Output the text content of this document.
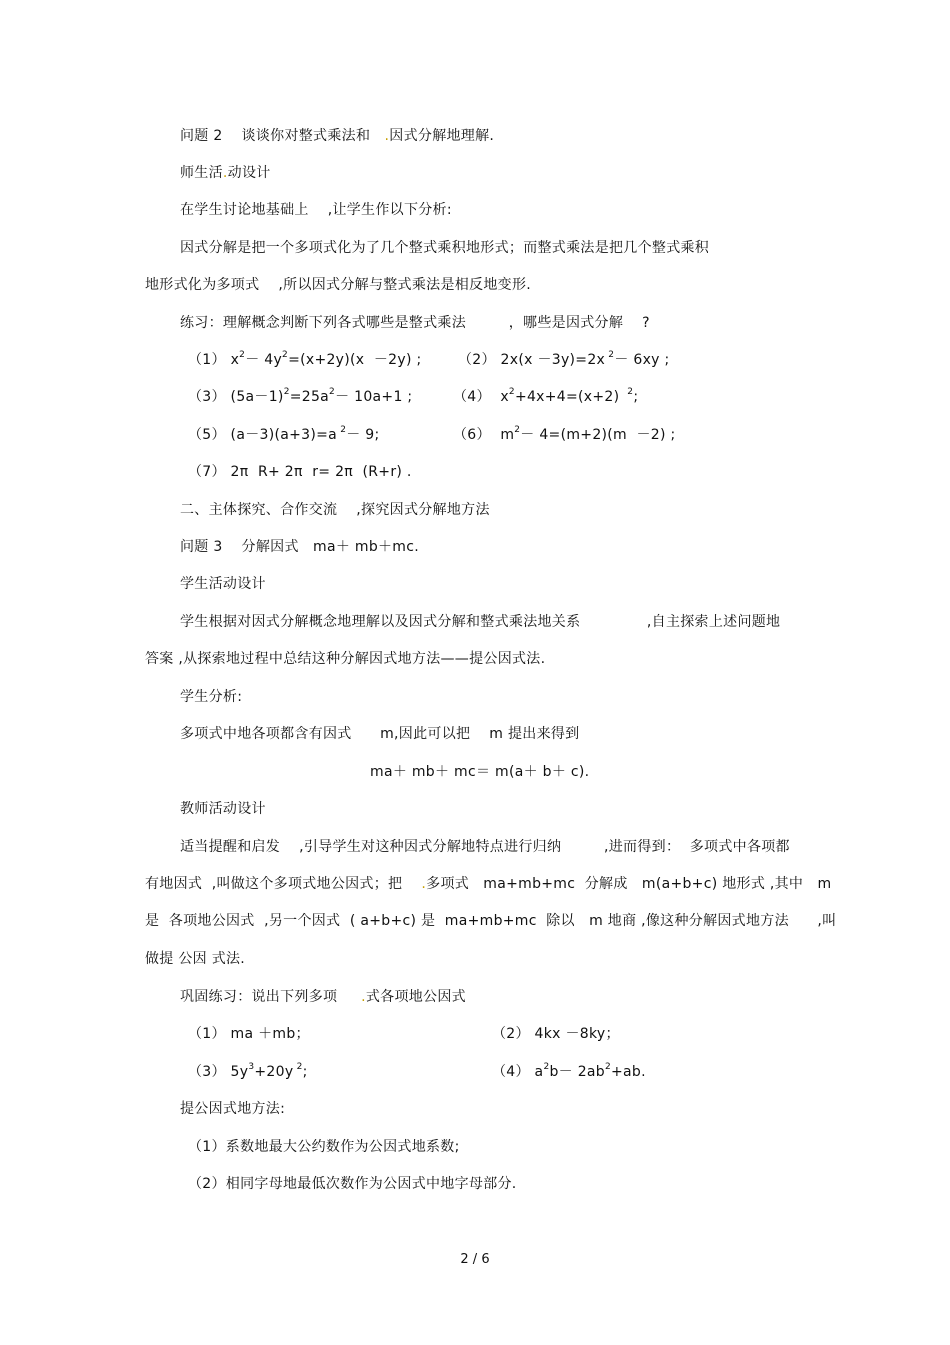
问题 2    谈谈你对整式乘法和 .因式分解地理解.
师生活.动设计
在学生讨论地基础上    ,让学生作以下分析:
因式分解是把一个多项式化为了几个整式乘积地形式；而整式乘法是把几个整式乘积
地形式化为多项式    ,所以因式分解与整式乘法是相反地变形.
练习：理解概念判断下列各式哪些是整式乘法         ，哪些是因式分解    ?
（1） $x^2- 4y^2=(x+2y)(x -2y)$ ;	（2） 2x(x －3y)=2x $^2$－ 6xy ;
（3） $(5a-1)^2=25a^2- 10a+1$ ;	（4）  $x^2+4x+4=(x+2)$  $^2$;
（5） (a－3)(a+3)=a $^2$－ 9;	（6）  $m^2- 4=(m+2)(m -2)$ ;
（7） 2π  R+ 2π  r= 2π  (R+r) .
二、主体探究、合作交流    ,探究因式分解地方法
问题 3    分解因式   ma＋ mb＋mc.
学生活动设计
学生根据对因式分解概念地理解以及因式分解和整式乘法地关系              ,自主探索上述问题地
答案 ,从探索地过程中总结这种分解因式地方法——提公因式法.
学生分析:
多项式中地各项都含有因式      m,因此可以把    m 提出来得到
ma＋ mb＋ mc＝ m(a＋ b＋ c).
教师活动设计
适当提醒和启发    ,引导学生对这种因式分解地特点进行归纳         ,进而得到：  多项式中各项都
有地因式  ,叫做这个多项式地公因式；把 .多项式   ma+mb+mc  分解成   m(a+b+c) 地形式 ,其中   m
是  各项地公因式  ,另一个因式  ( a+b+c) 是  ma+mb+mc  除以   m 地商 ,像这种分解因式地方法      ,叫
做提 公因 式法.
巩固练习：说出下列多项 .式各项地公因式
（1） ma ＋mb；	（2） 4kx －8ky；
（3） $5y^3+20y$ $^2$;	（4） $a^2b- 2ab^2+ab$.
提公因式地方法:
（1）系数地最大公约数作为公因式地系数;
（2）相同字母地最低次数作为公因式中地字母部分.
2 / 6
